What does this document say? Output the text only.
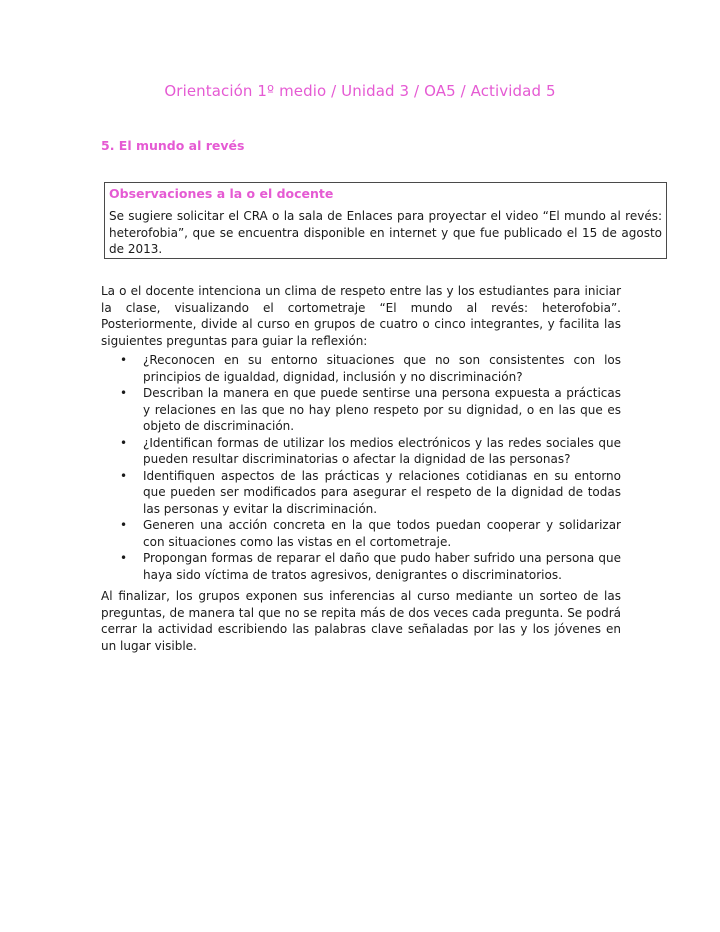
Orientación 1º medio / Unidad 3 / OA5 / Actividad 5
5. El mundo al revés
Observaciones a la o el docente
Se sugiere solicitar el CRA o la sala de Enlaces para proyectar el video “El mundo al revés: heterofobia”, que se encuentra disponible en internet y que fue publicado el 15 de agosto de 2013.
La o el docente intenciona un clima de respeto entre las y los estudiantes para iniciar la clase, visualizando el cortometraje “El mundo al revés: heterofobia”. Posteriormente, divide al curso en grupos de cuatro o cinco integrantes, y facilita las siguientes preguntas para guiar la reflexión:
• ¿Reconocen en su entorno situaciones que no son consistentes con los principios de igualdad, dignidad, inclusión y no discriminación?
• Describan la manera en que puede sentirse una persona expuesta a prácticas y relaciones en las que no hay pleno respeto por su dignidad, o en las que es objeto de discriminación.
• ¿Identifican formas de utilizar los medios electrónicos y las redes sociales que pueden resultar discriminatorias o afectar la dignidad de las personas?
• Identifiquen aspectos de las prácticas y relaciones cotidianas en su entorno que pueden ser modificados para asegurar el respeto de la dignidad de todas las personas y evitar la discriminación.
• Generen una acción concreta en la que todos puedan cooperar y solidarizar con situaciones como las vistas en el cortometraje.
• Propongan formas de reparar el daño que pudo haber sufrido una persona que haya sido víctima de tratos agresivos, denigrantes o discriminatorios.
Al finalizar, los grupos exponen sus inferencias al curso mediante un sorteo de las preguntas, de manera tal que no se repita más de dos veces cada pregunta. Se podrá cerrar la actividad escribiendo las palabras clave señaladas por las y los jóvenes en un lugar visible.
